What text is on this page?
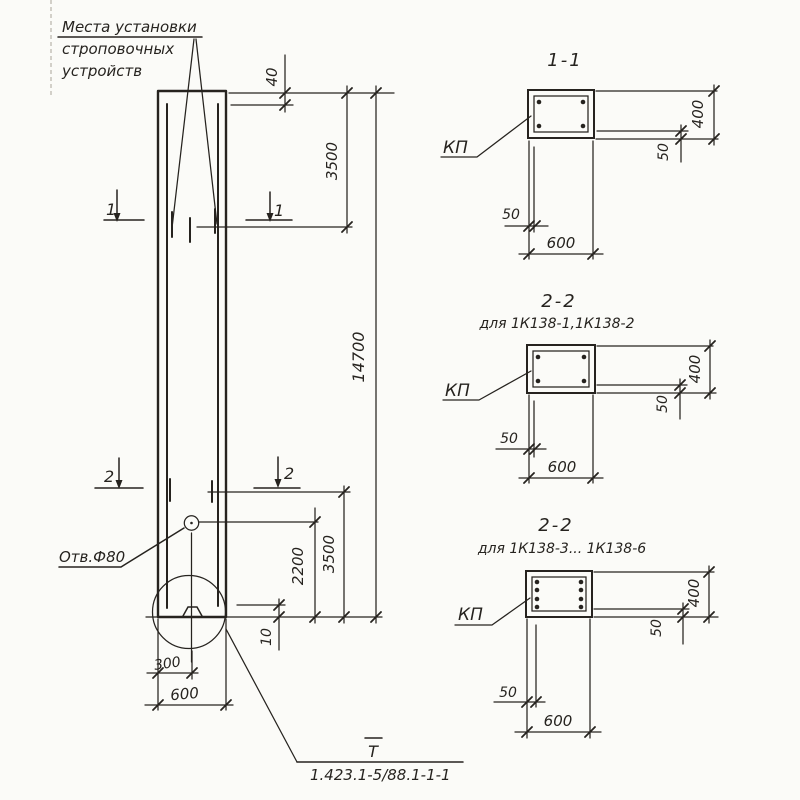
Места установки
строповочных
устройств
Отв.Ф80
1	1
2	2
40
3500
14700
2200 3500
10
300
600
Т
1.423.1-5/88.1-1-1
1-1
КП
400
50
50
600
2-2
для 1К138-1,1К138-2
КП
400
50
50
600
2-2
для 1К138-3... 1К138-6
КП
400
50
50
600
